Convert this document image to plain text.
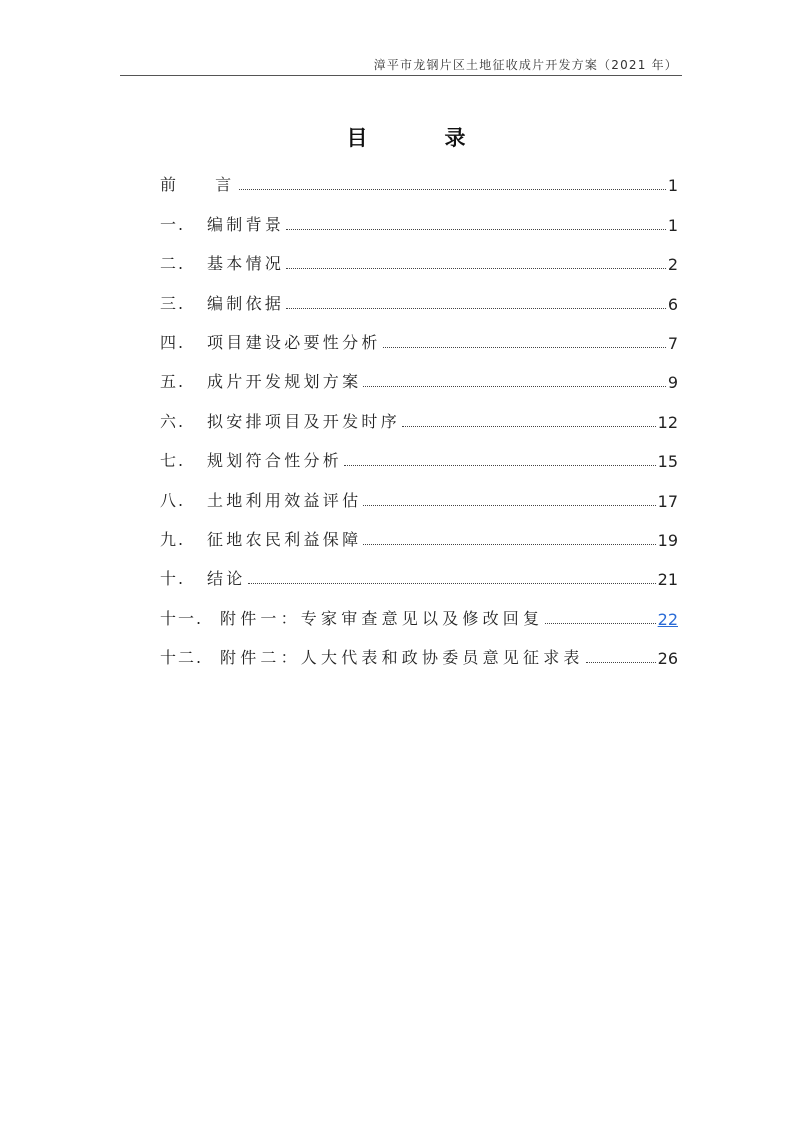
漳平市龙钢片区土地征收成片开发方案（2021 年）
目　录
前　 言	1
一.	编制背景	1
二.	基本情况	2
三.	编制依据	6
四.	项目建设必要性分析	7
五.	成片开发规划方案	9
六.	拟安排项目及开发时序	12
七.	规划符合性分析	15
八.	土地利用效益评估	17
九.	征地农民利益保障	19
十.	结论	21
十一.	附件一：专家审查意见以及修改回复	22
十二.	附件二：人大代表和政协委员意见征求表	26
